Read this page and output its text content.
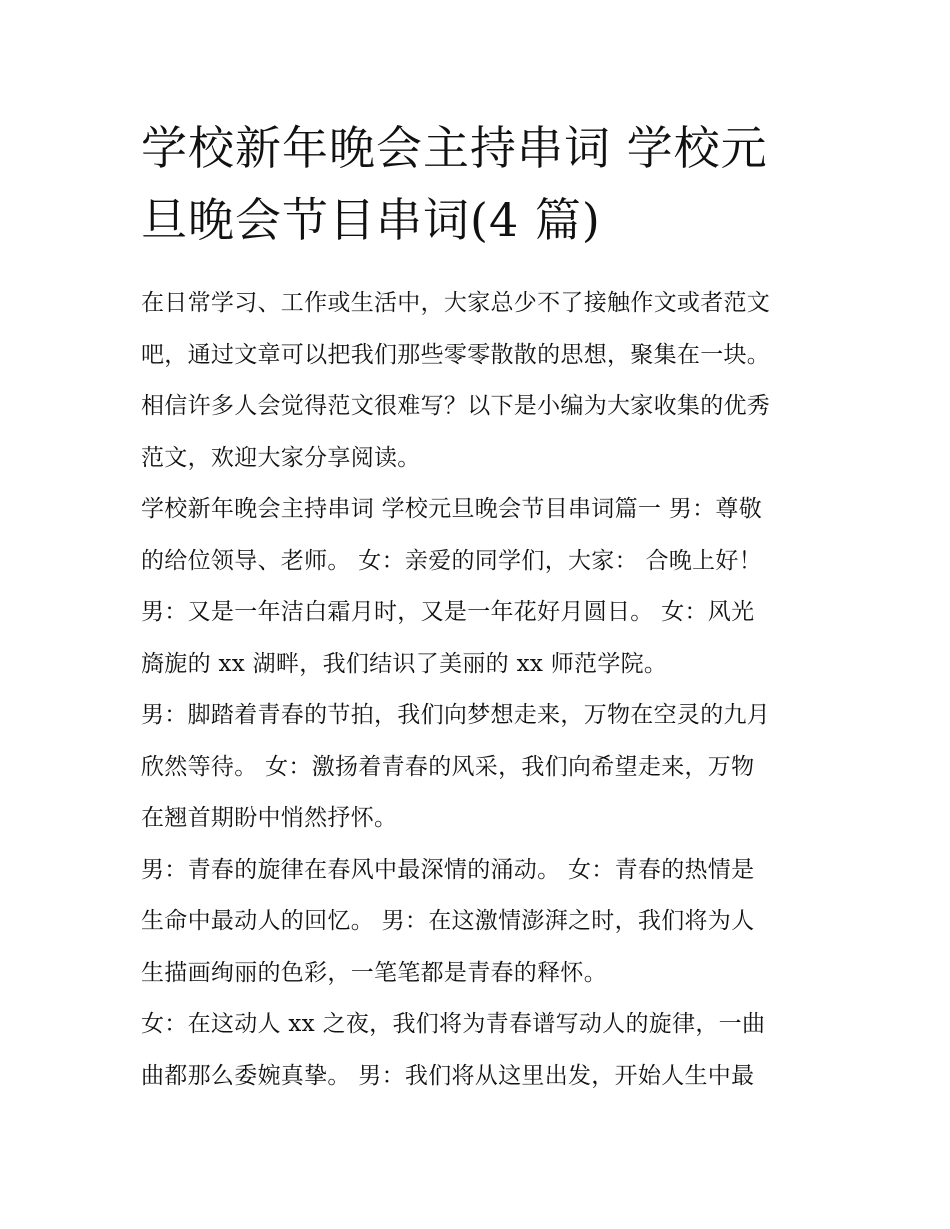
学校新年晚会主持串词 学校元
旦晚会节目串词(4 篇)

在日常学习、工作或生活中，大家总少不了接触作文或者范文
吧，通过文章可以把我们那些零零散散的思想，聚集在一块。
相信许多人会觉得范文很难写？以下是小编为大家收集的优秀
范文，欢迎大家分享阅读。

学校新年晚会主持串词 学校元旦晚会节目串词篇一 男：尊敬
的给位领导、老师。 女：亲爱的同学们，大家： 合晚上好！
男：又是一年洁白霜月时，又是一年花好月圆日。 女：风光
旖旎的 xx 湖畔，我们结识了美丽的 xx 师范学院。

男：脚踏着青春的节拍，我们向梦想走来，万物在空灵的九月
欣然等待。 女：激扬着青春的风采，我们向希望走来，万物
在翘首期盼中悄然抒怀。

男：青春的旋律在春风中最深情的涌动。 女：青春的热情是
生命中最动人的回忆。 男：在这激情澎湃之时，我们将为人
生描画绚丽的色彩，一笔笔都是青春的释怀。

女：在这动人 xx 之夜，我们将为青春谱写动人的旋律，一曲
曲都那么委婉真挚。 男：我们将从这里出发，开始人生中最
